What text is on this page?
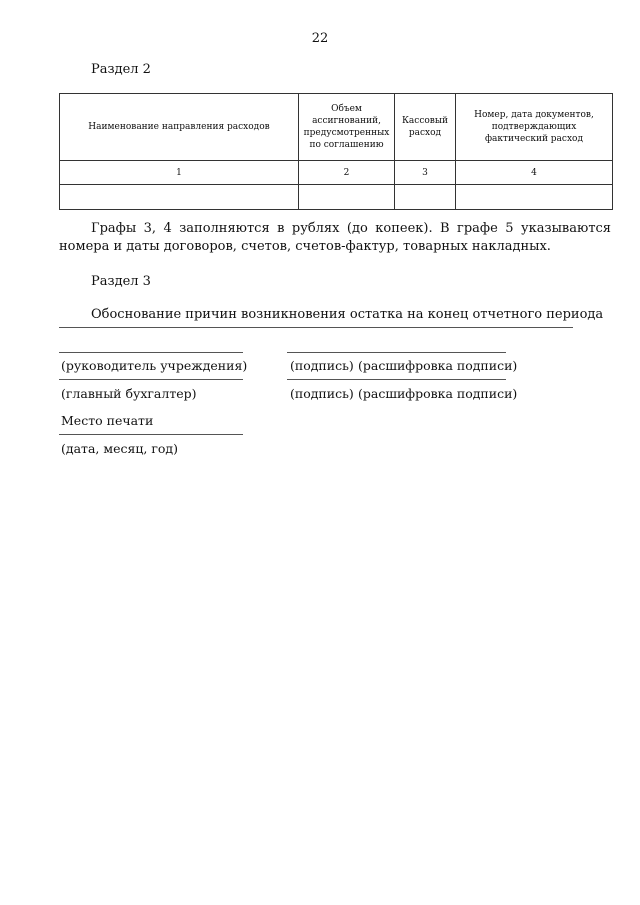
22
Раздел 2
Наименование направления расходов	Объем ассигнований, предусмотренных по соглашению	Кассовый расход	Номер, дата документов, подтверждающих фактический расход
1	2	3	4

Графы 3, 4 заполняются в рублях (до копеек). В графе 5 указываются номера и даты договоров, счетов, счетов-фактур, товарных накладных.
Раздел 3
Обоснование причин возникновения остатка на конец отчетного периода
(руководитель учреждения)	(подпись) (расшифровка подписи)
(главный бухгалтер)	(подпись) (расшифровка подписи)
Место печати
(дата, месяц, год)
